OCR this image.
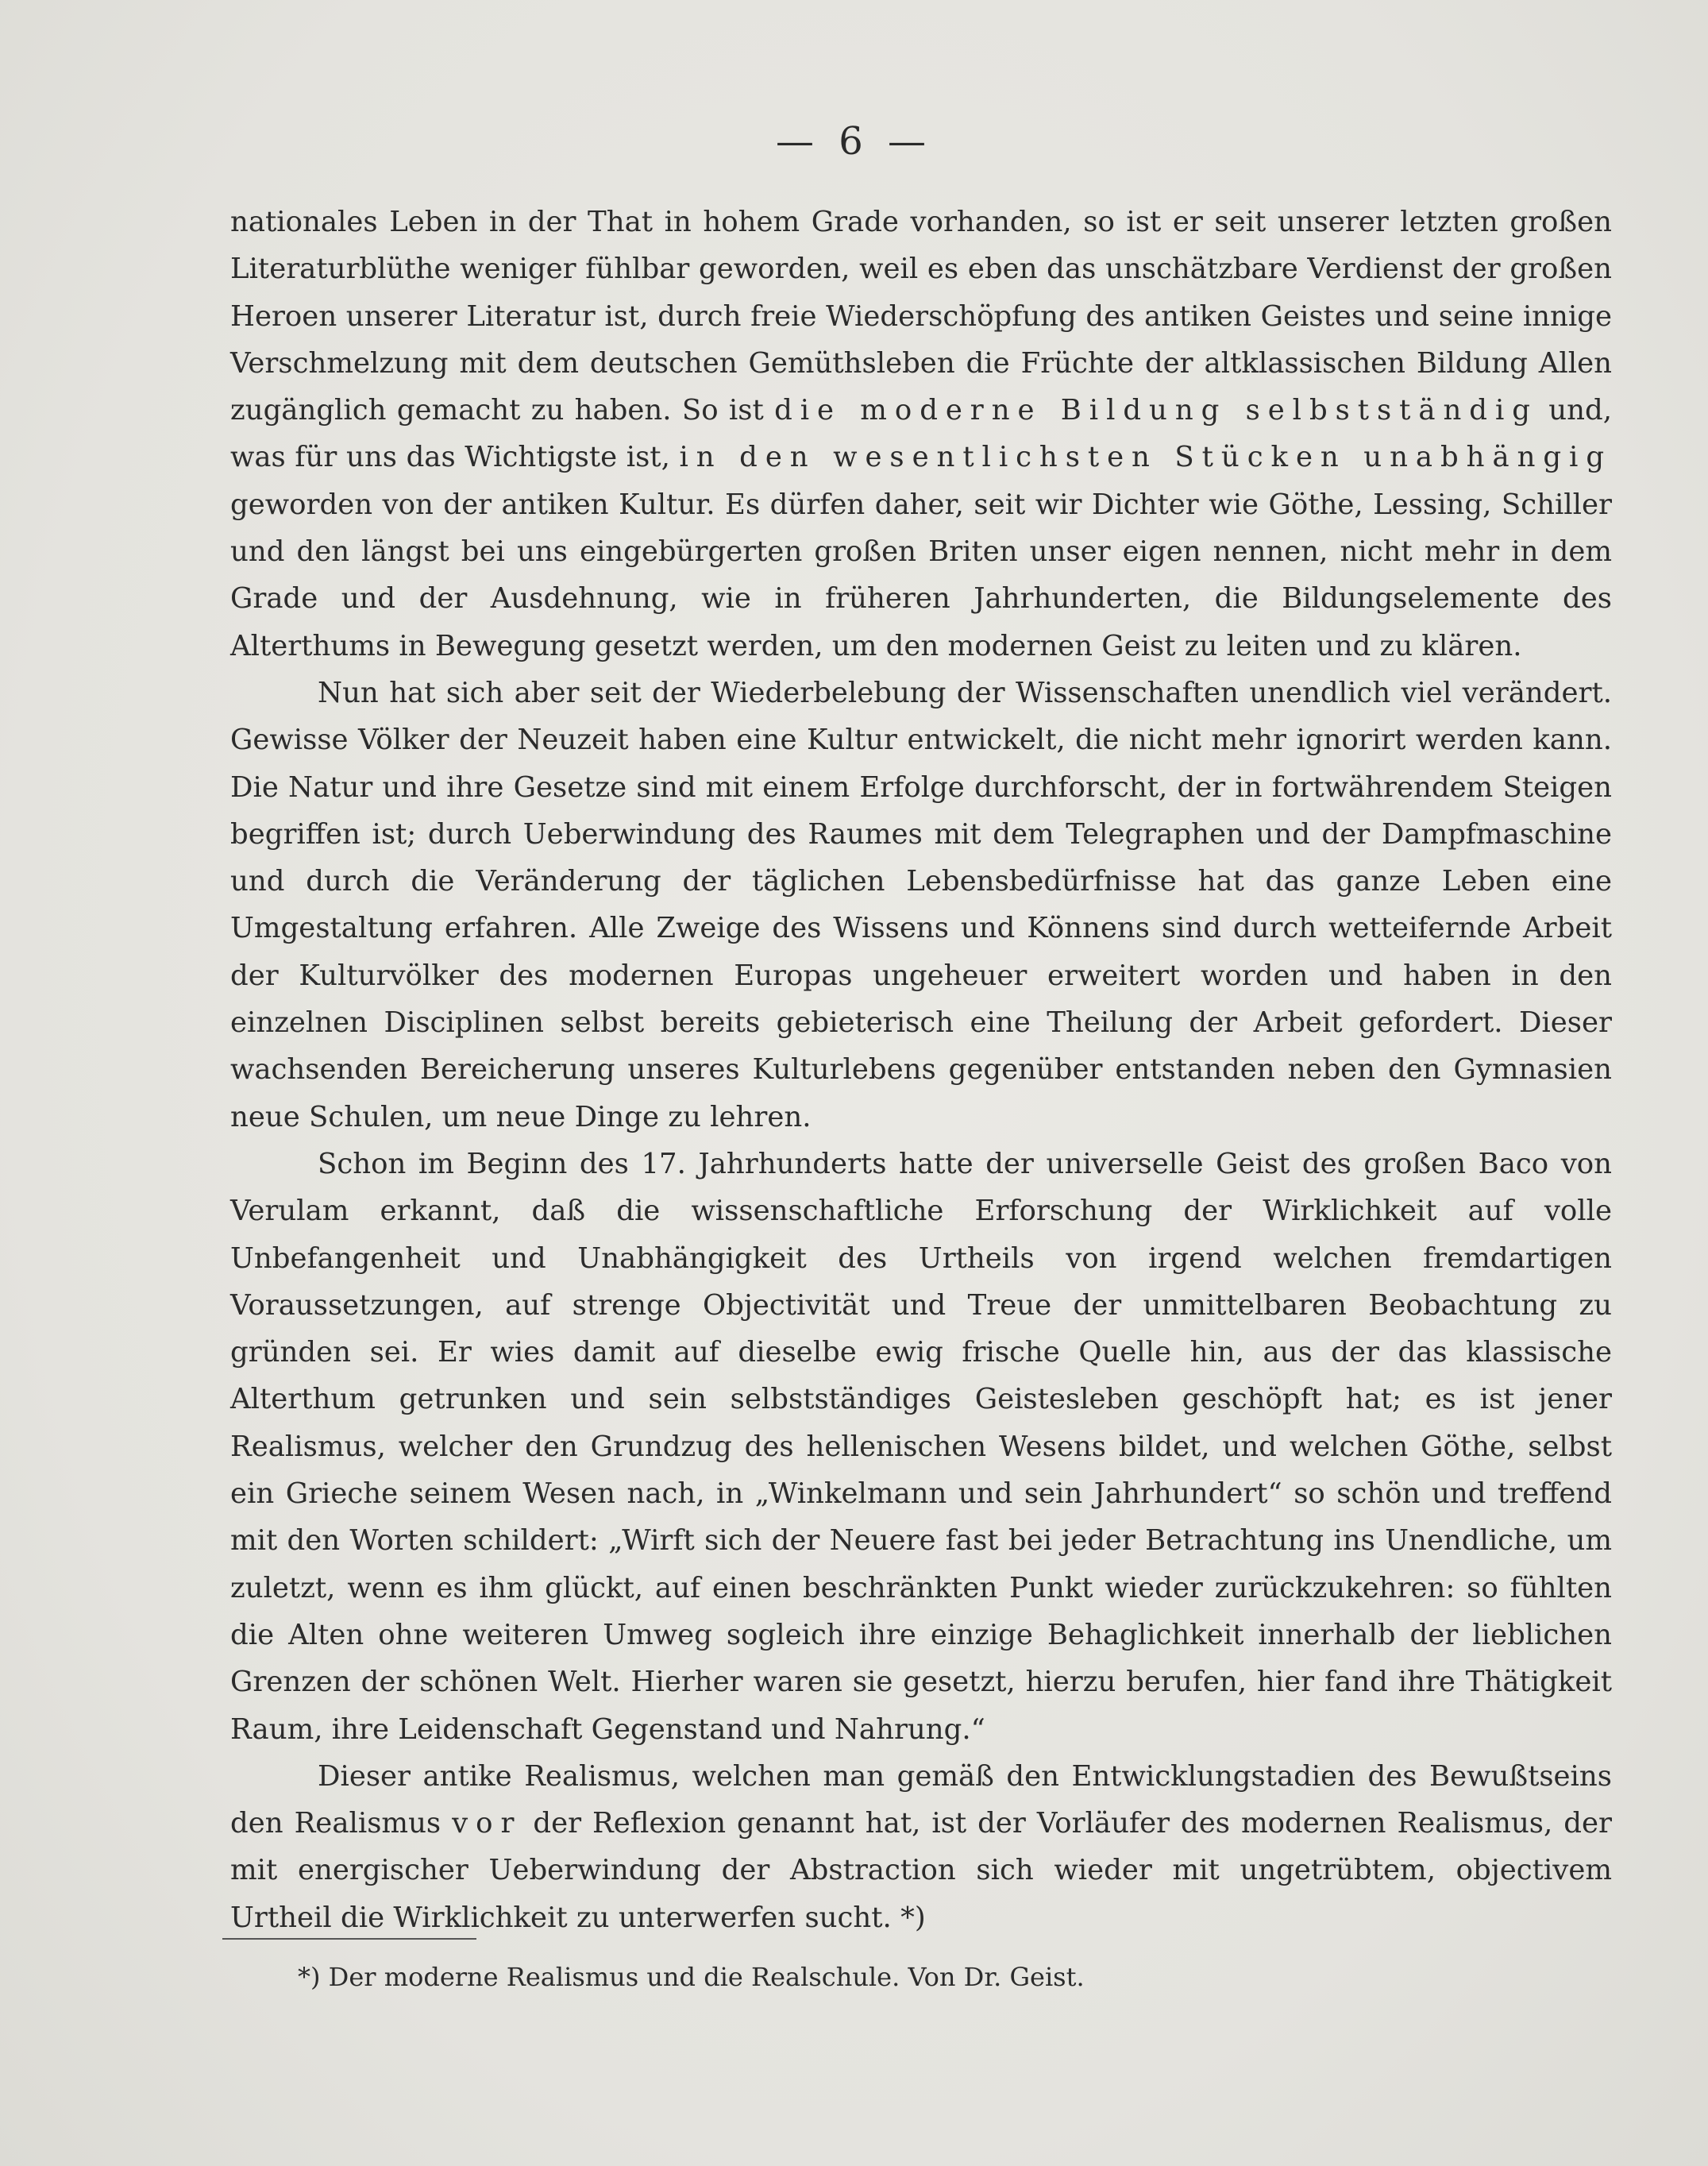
— 6 —

nationales Leben in der That in hohem Grade vorhanden, so ist er seit unserer letzten großen Literaturblüthe weniger fühlbar geworden, weil es eben das unschätzbare Verdienst der großen Heroen unserer Literatur ist, durch freie Wiederschöpfung des antiken Geistes und seine innige Verschmelzung mit dem deutschen Gemüthsleben die Früchte der altklassischen Bildung Allen zugänglich gemacht zu haben. So ist die moderne Bildung selbstständig und, was für uns das Wichtigste ist, in den wesentlichsten Stücken unabhängig geworden von der antiken Kultur. Es dürfen daher, seit wir Dichter wie Göthe, Lessing, Schiller und den längst bei uns eingebürgerten großen Briten unser eigen nennen, nicht mehr in dem Grade und der Ausdehnung, wie in früheren Jahrhunderten, die Bildungselemente des Alterthums in Bewegung gesetzt werden, um den modernen Geist zu leiten und zu klären.

Nun hat sich aber seit der Wiederbelebung der Wissenschaften unendlich viel verändert. Gewisse Völker der Neuzeit haben eine Kultur entwickelt, die nicht mehr ignorirt werden kann. Die Natur und ihre Gesetze sind mit einem Erfolge durchforscht, der in fortwährendem Steigen begriffen ist; durch Ueberwindung des Raumes mit dem Telegraphen und der Dampfmaschine und durch die Veränderung der täglichen Lebensbedürfnisse hat das ganze Leben eine Umgestaltung erfahren. Alle Zweige des Wissens und Könnens sind durch wetteifernde Arbeit der Kulturvölker des modernen Europas ungeheuer erweitert worden und haben in den einzelnen Disciplinen selbst bereits gebieterisch eine Theilung der Arbeit gefordert. Dieser wachsenden Bereicherung unseres Kulturlebens gegenüber entstanden neben den Gymnasien neue Schulen, um neue Dinge zu lehren.

Schon im Beginn des 17. Jahrhunderts hatte der universelle Geist des großen Baco von Verulam erkannt, daß die wissenschaftliche Erforschung der Wirklichkeit auf volle Unbefangenheit und Unabhängigkeit des Urtheils von irgend welchen fremdartigen Voraussetzungen, auf strenge Objectivität und Treue der unmittelbaren Beobachtung zu gründen sei. Er wies damit auf dieselbe ewig frische Quelle hin, aus der das klassische Alterthum getrunken und sein selbstständiges Geistesleben geschöpft hat; es ist jener Realismus, welcher den Grundzug des hellenischen Wesens bildet, und welchen Göthe, selbst ein Grieche seinem Wesen nach, in „Winkelmann und sein Jahrhundert“ so schön und treffend mit den Worten schildert: „Wirft sich der Neuere fast bei jeder Betrachtung ins Unendliche, um zuletzt, wenn es ihm glückt, auf einen beschränkten Punkt wieder zurückzukehren: so fühlten die Alten ohne weiteren Umweg sogleich ihre einzige Behaglichkeit innerhalb der lieblichen Grenzen der schönen Welt. Hierher waren sie gesetzt, hierzu berufen, hier fand ihre Thätigkeit Raum, ihre Leidenschaft Gegenstand und Nahrung.“

Dieser antike Realismus, welchen man gemäß den Entwicklungstadien des Bewußtseins den Realismus vor der Reflexion genannt hat, ist der Vorläufer des modernen Realismus, der mit energischer Ueberwindung der Abstraction sich wieder mit ungetrübtem, objectivem Urtheil die Wirklichkeit zu unterwerfen sucht. *)

*) Der moderne Realismus und die Realschule. Von Dr. Geist.
